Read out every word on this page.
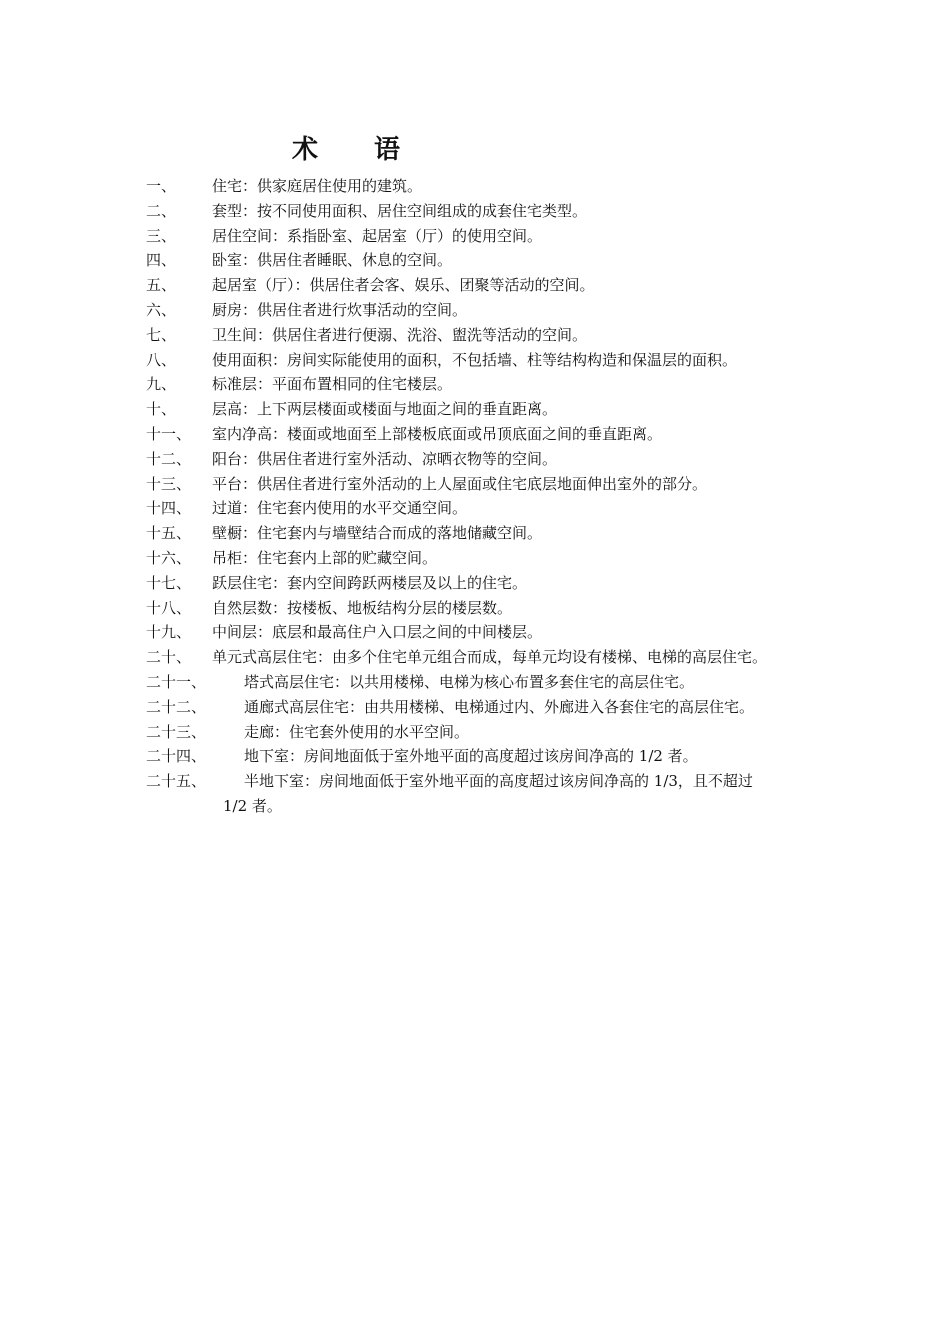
术语
一、	住宅：供家庭居住使用的建筑。
二、	套型：按不同使用面积、居住空间组成的成套住宅类型。
三、	居住空间：系指卧室、起居室（厅）的使用空间。
四、	卧室：供居住者睡眠、休息的空间。
五、	起居室（厅）：供居住者会客、娱乐、团聚等活动的空间。
六、	厨房：供居住者进行炊事活动的空间。
七、	卫生间：供居住者进行便溺、洗浴、盥洗等活动的空间。
八、	使用面积：房间实际能使用的面积，不包括墙、柱等结构构造和保温层的面积。
九、	标准层：平面布置相同的住宅楼层。
十、	层高：上下两层楼面或楼面与地面之间的垂直距离。
十一、	室内净高：楼面或地面至上部楼板底面或吊顶底面之间的垂直距离。
十二、	阳台：供居住者进行室外活动、凉晒衣物等的空间。
十三、	平台：供居住者进行室外活动的上人屋面或住宅底层地面伸出室外的部分。
十四、	过道：住宅套内使用的水平交通空间。
十五、	壁橱：住宅套内与墙壁结合而成的落地储藏空间。
十六、	吊柜：住宅套内上部的贮藏空间。
十七、	跃层住宅：套内空间跨跃两楼层及以上的住宅。
十八、	自然层数：按楼板、地板结构分层的楼层数。
十九、	中间层：底层和最高住户入口层之间的中间楼层。
二十、	单元式高层住宅：由多个住宅单元组合而成，每单元均设有楼梯、电梯的高层住宅。
二十一、	塔式高层住宅：以共用楼梯、电梯为核心布置多套住宅的高层住宅。
二十二、	通廊式高层住宅：由共用楼梯、电梯通过内、外廊进入各套住宅的高层住宅。
二十三、	走廊：住宅套外使用的水平空间。
二十四、	地下室：房间地面低于室外地平面的高度超过该房间净高的 1/2 者。
二十五、	半地下室：房间地面低于室外地平面的高度超过该房间净高的 1/3，且不超过
1/2 者。
